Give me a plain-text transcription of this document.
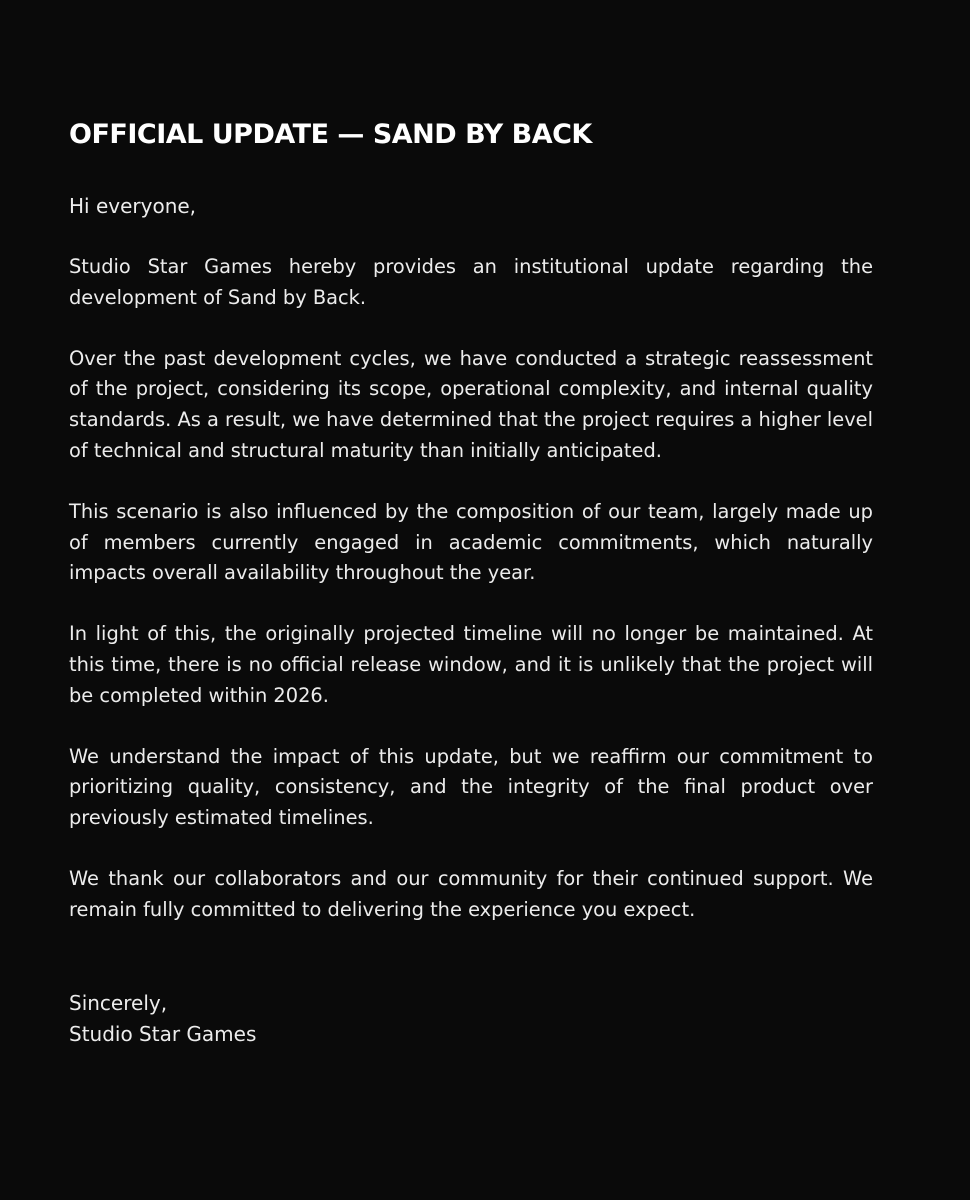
OFFICIAL UPDATE — SAND BY BACK

Hi everyone,

Studio Star Games hereby provides an institutional update regarding the development of Sand by Back.

Over the past development cycles, we have conducted a strategic reassessment of the project, considering its scope, operational complexity, and internal quality standards. As a result, we have determined that the project requires a higher level of technical and structural maturity than initially anticipated.

This scenario is also influenced by the composition of our team, largely made up of members currently engaged in academic commitments, which naturally impacts overall availability throughout the year.

In light of this, the originally projected timeline will no longer be maintained. At this time, there is no official release window, and it is unlikely that the project will be completed within 2026.

We understand the impact of this update, but we reaffirm our commitment to prioritizing quality, consistency, and the integrity of the final product over previously estimated timelines.

We thank our collaborators and our community for their continued support. We remain fully committed to delivering the experience you expect.

Sincerely,
Studio Star Games
